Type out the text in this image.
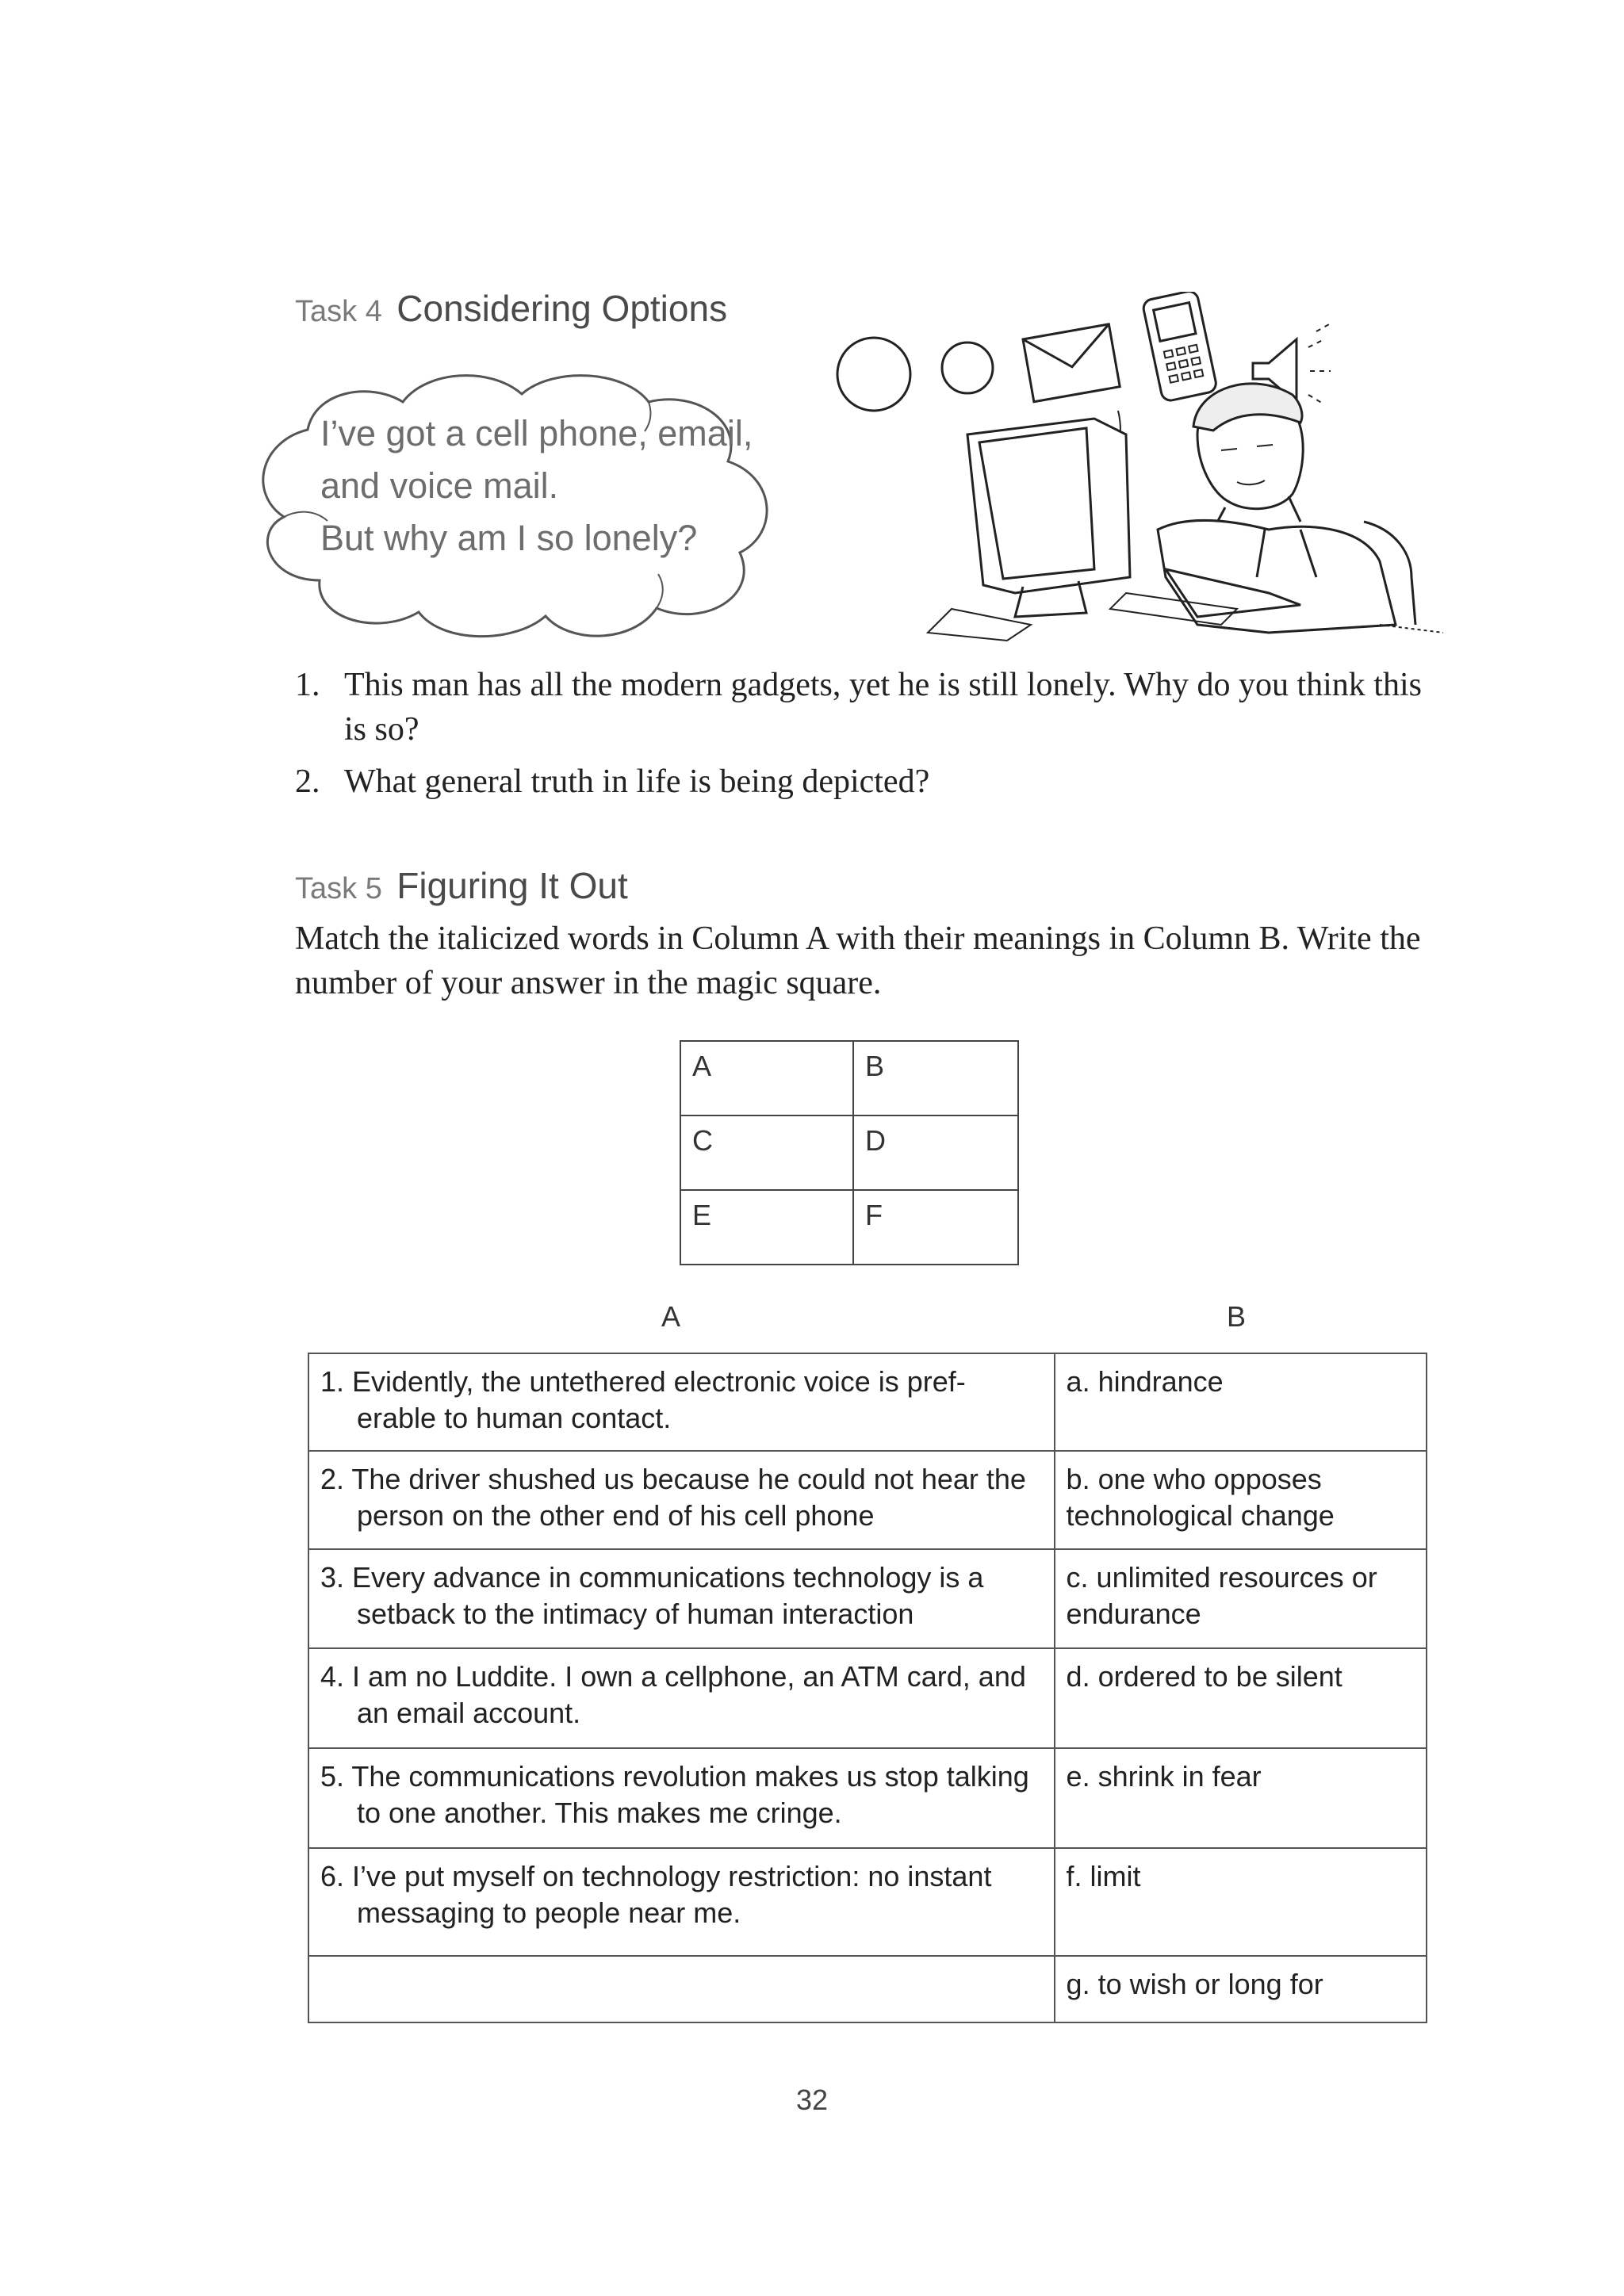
Task 4 Considering Options
I’ve got a cell phone, email,
and voice mail.
But why am I so lonely?
1. This man has all the modern gadgets, yet he is still lonely. Why do you think this is so?
2. What general truth in life is being depicted?
Task 5 Figuring It Out
Match the italicized words in Column A with their meanings in Column B. Write the number of your answer in the magic square.
A	B
C	D
E	F
A	B
1. Evidently, the untethered electronic voice is pref-erable to human contact.	a. hindrance

2. The driver shushed us because he could not hear the person on the other end of his cell phone	b. one who opposes technological change

3. Every advance in communications technology is a setback to the intimacy of human interaction	c. unlimited resources or endurance

4. I am no Luddite. I own a cellphone, an ATM card, and an email account.	d. ordered to be silent

5. The communications revolution makes us stop talking to one another. This makes me cringe.	e. shrink in fear

6. I’ve put myself on technology restriction: no instant messaging to people near me.	f. limit

	g. to wish or long for
32
